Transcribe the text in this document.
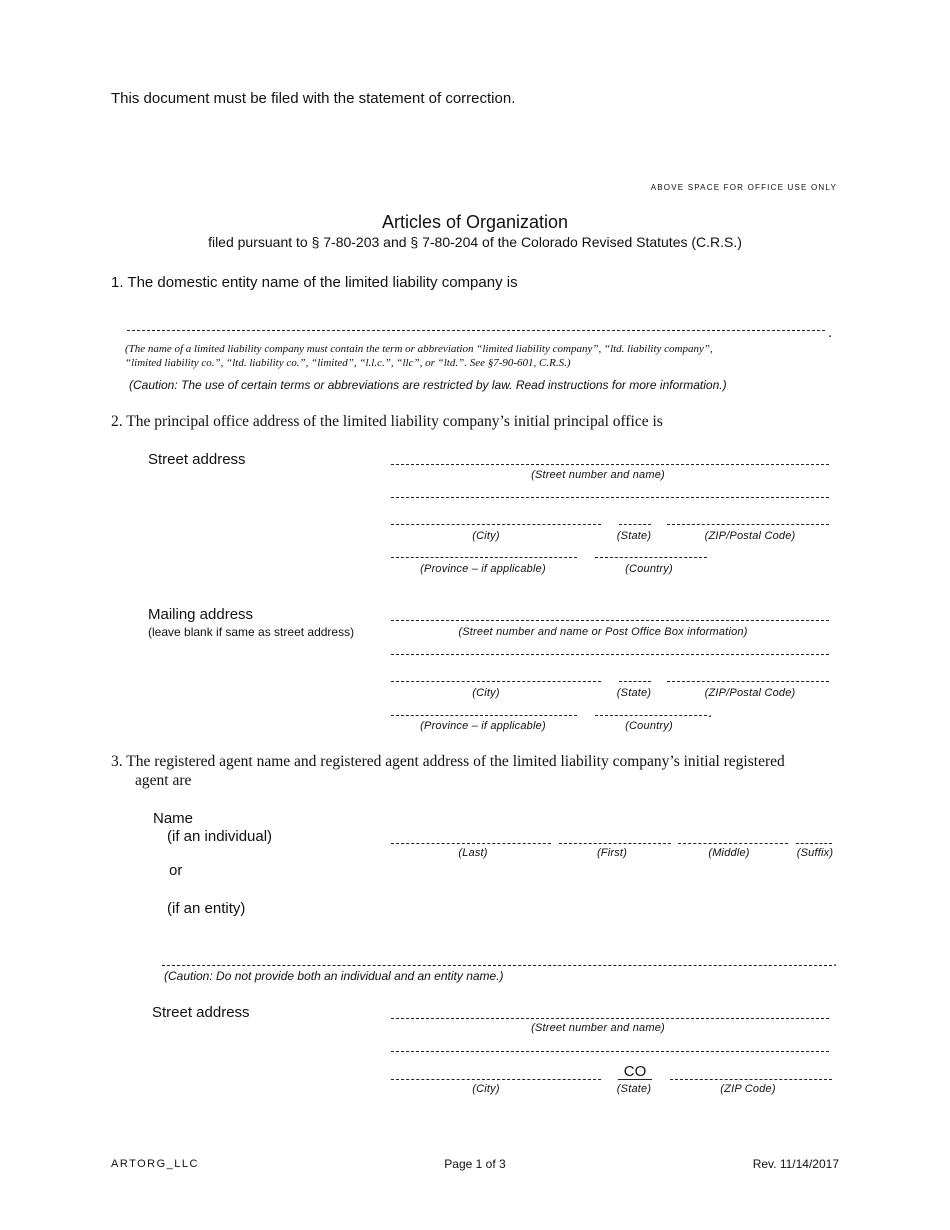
This document must be filed with the statement of correction.
ABOVE SPACE FOR OFFICE USE ONLY
Articles of Organization
filed pursuant to § 7-80-203 and § 7-80-204 of the Colorado Revised Statutes (C.R.S.)
1. The domestic entity name of the limited liability company is
.
(The name of a limited liability company must contain the term or abbreviation “limited liability company”, “ltd. liability company”,
“limited liability co.”, “ltd. liability co.”, “limited”, “l.l.c.”, “llc”, or “ltd.”. See §7-90-601, C.R.S.)
(Caution: The use of certain terms or abbreviations are restricted by law. Read instructions for more information.)
2. The principal office address of the limited liability company’s initial principal office is
Street address
(Street number and name)
(City)	(State)	(ZIP/Postal Code)
(Province – if applicable)	(Country)
Mailing address
(leave blank if same as street address)	(Street number and name or Post Office Box information)
(City)	(State)	(ZIP/Postal Code)
.
(Province – if applicable)	(Country)
3. The registered agent name and registered agent address of the limited liability company’s initial registered
agent are
Name
(if an individual)
(Last)	(First)	(Middle)	(Suffix)
or
(if an entity)
.
(Caution: Do not provide both an individual and an entity name.)
Street address
(Street number and name)
CO
(City)	(State)	(ZIP Code)
ARTORG_LLC	Page 1 of 3	Rev. 11/14/2017
